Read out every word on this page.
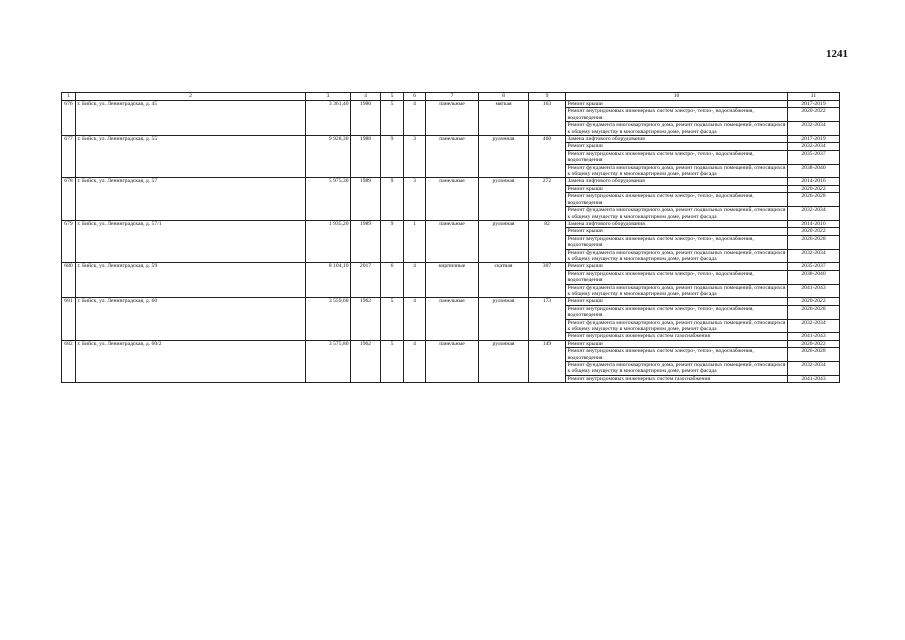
1241
1	2	3	4	5	6	7	8	9	10	11
676	г. Бийск, ул. Ленинградская, д. 45	3 361,40	1980	5	4	панельные	мягкая	163	Ремонт крыши	2017-2019
									Ремонт внутридомовых инженерных систем электро-, тепло-, водоснабжения, водоотведения	2020-2022
									Ремонт фундамента многоквартирного дома, ремонт подвальных помещений, относящихся к общему имуществу в многоквартирном доме, ремонт фасада	2032-2034
677	г. Бийск, ул. Ленинградская, д. 55	9 928,30	1988	9	3	панельные	рулонная	460	Замена лифтового оборудования	2017-2019
									Ремонт крыши	2032-2034
									Ремонт внутридомовых инженерных систем электро-, тепло-, водоснабжения, водоотведения	2035-2037
									Ремонт фундамента многоквартирного дома, ремонт подвальных помещений, относящихся к общему имуществу в многоквартирном доме, ремонт фасада	2038-2040
678	г. Бийск, ул. Ленинградская, д. 57	5 975,30	1989	9	3	панельные	рулонная	272	Замена лифтового оборудования	2014-2016
									Ремонт крыши	2020-2022
									Ремонт внутридомовых инженерных систем электро-, тепло-, водоснабжения, водоотведения	2026-2028
									Ремонт фундамента многоквартирного дома, ремонт подвальных помещений, относящихся к общему имуществу в многоквартирном доме, ремонт фасада	2032-2034
679	г. Бийск, ул. Ленинградская, д. 57/1	1 935,20	1989	9	1	панельные	рулонная	82	Замена лифтового оборудования	2014-2016
									Ремонт крыши	2020-2022
									Ремонт внутридомовых инженерных систем электро-, тепло-, водоснабжения, водоотведения	2026-2028
									Ремонт фундамента многоквартирного дома, ремонт подвальных помещений, относящихся к общему имуществу в многоквартирном доме, ремонт фасада	2032-2034
680	г. Бийск, ул. Ленинградская, д. 59	8 104,10	2017	6	4	кирпичные	скатная	307	Ремонт крыши	2035-2037
									Ремонт внутридомовых инженерных систем электро-, тепло-, водоснабжения, водоотведения	2038-2040
									Ремонт фундамента многоквартирного дома, ремонт подвальных помещений, относящихся к общему имуществу в многоквартирном доме, ремонт фасада	2041-2043
681	г. Бийск, ул. Ленинградская, д. 60	3 559,60	1962	5	4	панельные	рулонная	173	Ремонт крыши	2020-2022
									Ремонт внутридомовых инженерных систем электро-, тепло-, водоснабжения, водоотведения	2026-2028
									Ремонт фундамента многоквартирного дома, ремонт подвальных помещений, относящихся к общему имуществу в многоквартирном доме, ремонт фасада	2032-2034
									Ремонт внутридомовых инженерных систем газоснабжения	2041-2043
682	г. Бийск, ул. Ленинградская, д. 60/2	3 575,80	1962	5	4	панельные	рулонная	149	Ремонт крыши	2020-2022
									Ремонт внутридомовых инженерных систем электро-, тепло-, водоснабжения, водоотведения	2026-2028
									Ремонт фундамента многоквартирного дома, ремонт подвальных помещений, относящихся к общему имуществу в многоквартирном доме, ремонт фасада	2032-2034
									Ремонт внутридомовых инженерных систем газоснабжения	2041-2043
